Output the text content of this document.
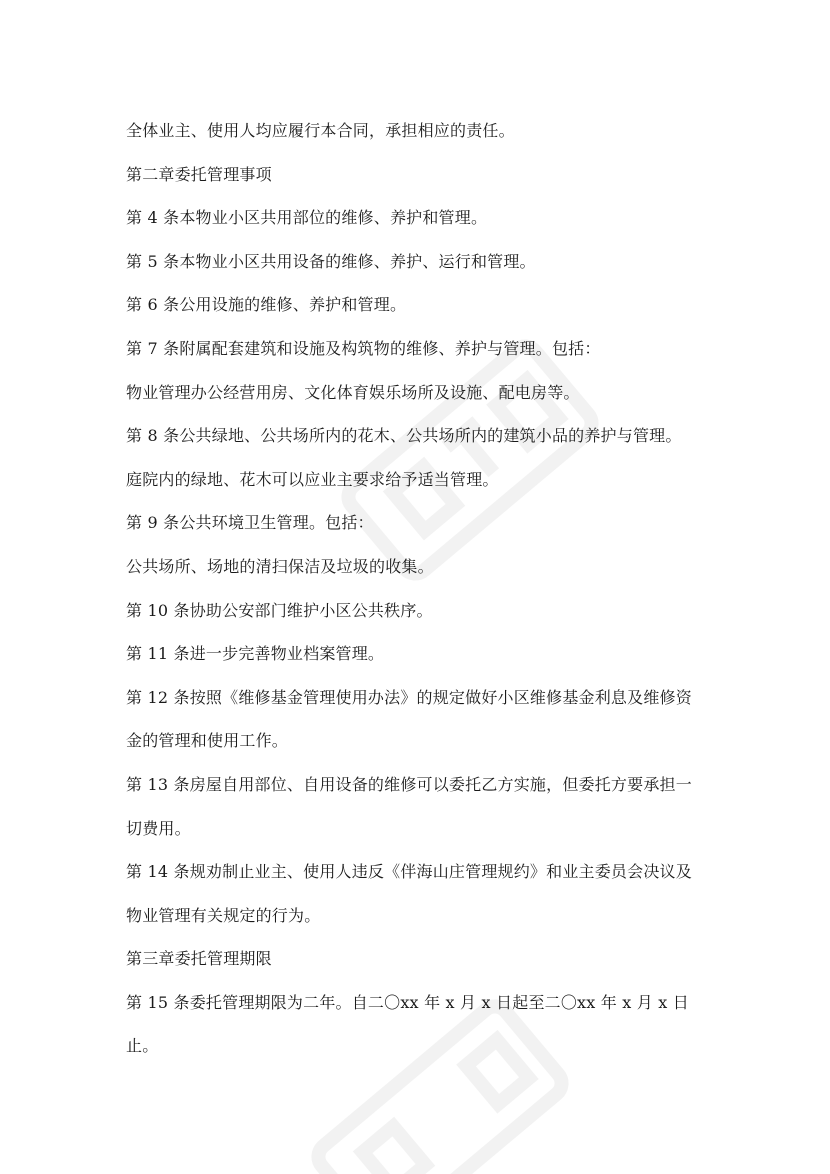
全体业主、使用人均应履行本合同，承担相应的责任。
第二章委托管理事项
第 4 条本物业小区共用部位的维修、养护和管理。
第 5 条本物业小区共用设备的维修、养护、运行和管理。
第 6 条公用设施的维修、养护和管理。
第 7 条附属配套建筑和设施及构筑物的维修、养护与管理。包括：
物业管理办公经营用房、文化体育娱乐场所及设施、配电房等。
第 8 条公共绿地、公共场所内的花木、公共场所内的建筑小品的养护与管理。
庭院内的绿地、花木可以应业主要求给予适当管理。
第 9 条公共环境卫生管理。包括：
公共场所、场地的清扫保洁及垃圾的收集。
第 10 条协助公安部门维护小区公共秩序。
第 11 条进一步完善物业档案管理。
第 12 条按照《维修基金管理使用办法》的规定做好小区维修基金利息及维修资
金的管理和使用工作。
第 13 条房屋自用部位、自用设备的维修可以委托乙方实施，但委托方要承担一
切费用。
第 14 条规劝制止业主、使用人违反《伴海山庄管理规约》和业主委员会决议及
物业管理有关规定的行为。
第三章委托管理期限
第 15 条委托管理期限为二年。自二〇xx 年 x 月 x 日起至二〇xx 年 x 月 x 日
止。
